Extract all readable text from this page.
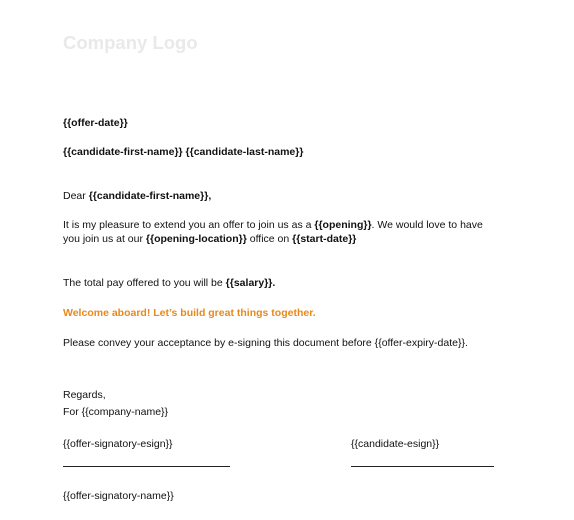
Company Logo
{{offer-date}}
{{candidate-first-name}} {{candidate-last-name}}
Dear {{candidate-first-name}},
It is my pleasure to extend you an offer to join us as a {{opening}}. We would love to have
you join us at our {{opening-location}} office on {{start-date}}
The total pay offered to you will be {{salary}}.
Welcome aboard! Let’s build great things together.
Please convey your acceptance by e-signing this document before {{offer-expiry-date}}.
Regards,
For {{company-name}}
{{offer-signatory-esign}}	{{candidate-esign}}
{{offer-signatory-name}}
